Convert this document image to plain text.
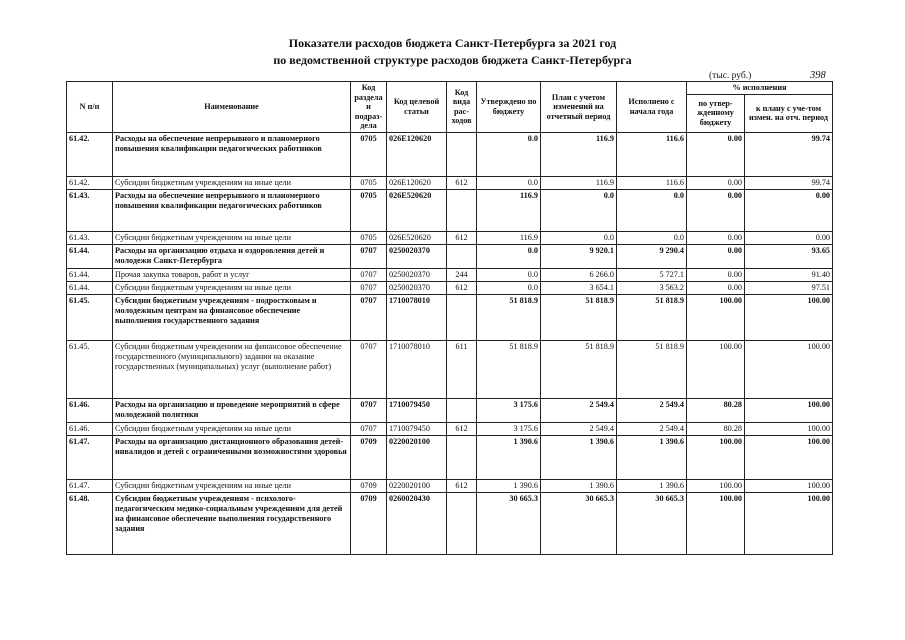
Показатели расходов бюджета Санкт-Петербурга за 2021 год
по ведомственной структуре расходов бюджета Санкт-Петербурга
(тыс. руб.)	398
N п/п	Наименование	Код раздела и подраз-дела	Код целевой статьи	Код вида рас-ходов	Утверждено по бюджету	План с учетом изменений на отчетный период	Исполнено с начала года	% исполнения	
								по утвер-жденному бюджету	к плану с уче-том измен. на отч. период
61.42.	Расходы на обеспечение непрерывного и планомерного повышения квалификации педагогических работников	0705	026Е120620		0.0	116.9	116.6	0.00	99.74
61.42.	Субсидии бюджетным учреждениям на иные цели	0705	026Е120620	612	0.0	116.9	116.6	0.00	99.74
61.43.	Расходы на обеспечение непрерывного и планомерного повышения квалификации педагогических работников	0705	026Е520620		116.9	0.0	0.0	0.00	0.00
61.43.	Субсидии бюджетным учреждениям на иные цели	0705	026Е520620	612	116.9	0.0	0.0	0.00	0.00
61.44.	Расходы на организацию отдыха и оздоровления детей и молодежи Санкт-Петербурга	0707	0250020370		0.0	9 920.1	9 290.4	0.00	93.65
61.44.	Прочая закупка товаров, работ и услуг	0707	0250020370	244	0.0	6 266.0	5 727.1	0.00	91.40
61.44.	Субсидии бюджетным учреждениям на иные цели	0707	0250020370	612	0.0	3 654.1	3 563.2	0.00	97.51
61.45.	Субсидии бюджетным учреждениям - подростковым и молодежным центрам на финансовое обеспечение выполнения государственного задания	0707	1710078010		51 818.9	51 818.9	51 818.9	100.00	100.00
61.45.	Субсидии бюджетным учреждениям на финансовое обеспечение государственного (муниципального) задания на оказание государственных (муниципальных) услуг (выполнение работ)	0707	1710078010	611	51 818.9	51 818.9	51 818.9	100.00	100.00
61.46.	Расходы на организацию и проведение мероприятий в сфере молодежной политики	0707	1710079450		3 175.6	2 549.4	2 549.4	80.28	100.00
61.46.	Субсидии бюджетным учреждениям на иные цели	0707	1710079450	612	3 175.6	2 549.4	2 549.4	80.28	100.00
61.47.	Расходы на организацию дистанционного образования детей-инвалидов и детей с ограниченными возможностями здоровья	0709	0220020100		1 390.6	1 390.6	1 390.6	100.00	100.00
61.47.	Субсидии бюджетным учреждениям на иные цели	0709	0220020100	612	1 390.6	1 390.6	1 390.6	100.00	100.00
61.48.	Субсидии бюджетным учреждениям - психолого-педагогическим медико-социальным учреждениям для детей на финансовое обеспечение выполнения государственного задания	0709	0260020430		30 665.3	30 665.3	30 665.3	100.00	100.00
